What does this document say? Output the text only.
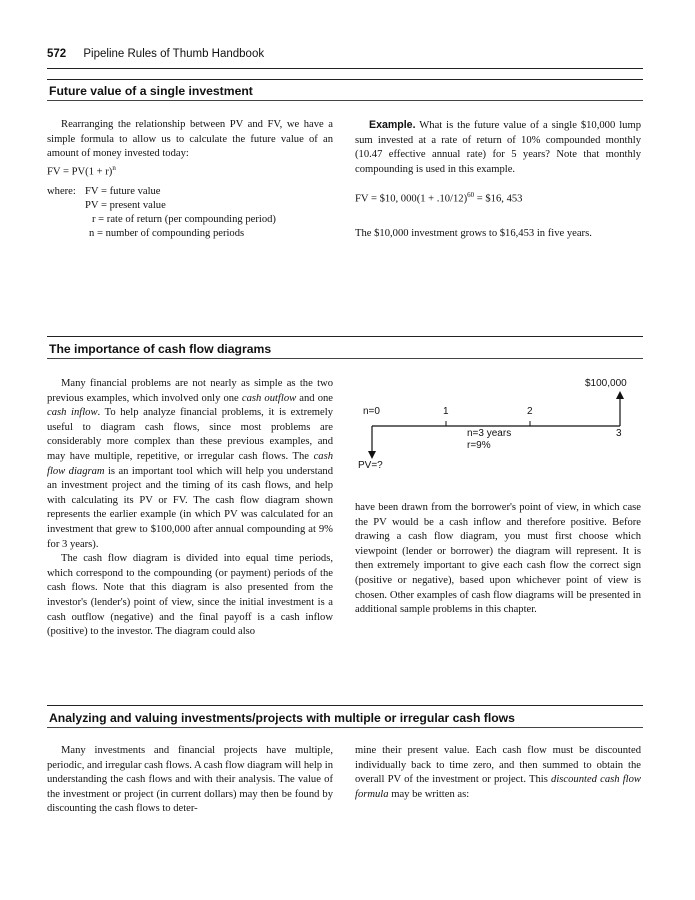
572 Pipeline Rules of Thumb Handbook
Future value of a single investment

Rearranging the relationship between PV and FV, we have a simple formula to allow us to calculate the future value of an amount of money invested today:

FV = $PV(1 + r)^n$
where: FV = future value
PV = present value
r = rate of return (per compounding period)
n = number of compounding periods

Example. What is the future value of a single $10,000 lump sum invested at a rate of return of 10% compounded monthly (10.47 effective annual rate) for 5 years? Note that monthly compounding is used in this example.

FV = $10, $000(1 + .10/12)^{60}$ = $16, 453
The $10,000 investment grows to $16,453 in five years.
The importance of cash flow diagrams

Many financial problems are not nearly as simple as the two previous examples, which involved only one cash outflow and one cash inflow. To help analyze financial problems, it is extremely useful to diagram cash flows, since most problems are considerably more complex than these previous examples, and may have multiple, repetitive, or irregular cash flows. The cash flow diagram is an important tool which will help you understand an investment project and the timing of its cash flows, and help with calculating its PV or FV. The cash flow diagram shown represents the earlier example (in which PV was calculated for an investment that grew to $100,000 after annual compounding at 9% for 3 years).

The cash flow diagram is divided into equal time periods, which correspond to the compounding (or payment) periods of the cash flows. Note that this diagram is also presented from the investor's (lender's) point of view, since the initial investment is a cash outflow (negative) and the final payoff is a cash inflow (positive) to the investor. The diagram could also

$100,000
n=0	1	2
3
n=3 years
r=9%
PV=?

have been drawn from the borrower's point of view, in which case the PV would be a cash inflow and therefore positive. Before drawing a cash flow diagram, you must first choose which viewpoint (lender or borrower) the diagram will represent. It is then extremely important to give each cash flow the correct sign (positive or negative), based upon whichever point of view is chosen. Other examples of cash flow diagrams will be presented in additional sample problems in this chapter.

Analyzing and valuing investments/projects with multiple or irregular cash flows

Many investments and financial projects have multiple, periodic, and irregular cash flows. A cash flow diagram will help in understanding the cash flows and with their analysis. The value of the investment or project (in current dollars) may then be found by discounting the cash flows to deter-

mine their present value. Each cash flow must be discounted individually back to time zero, and then summed to obtain the overall PV of the investment or project. This discounted cash flow formula may be written as:
